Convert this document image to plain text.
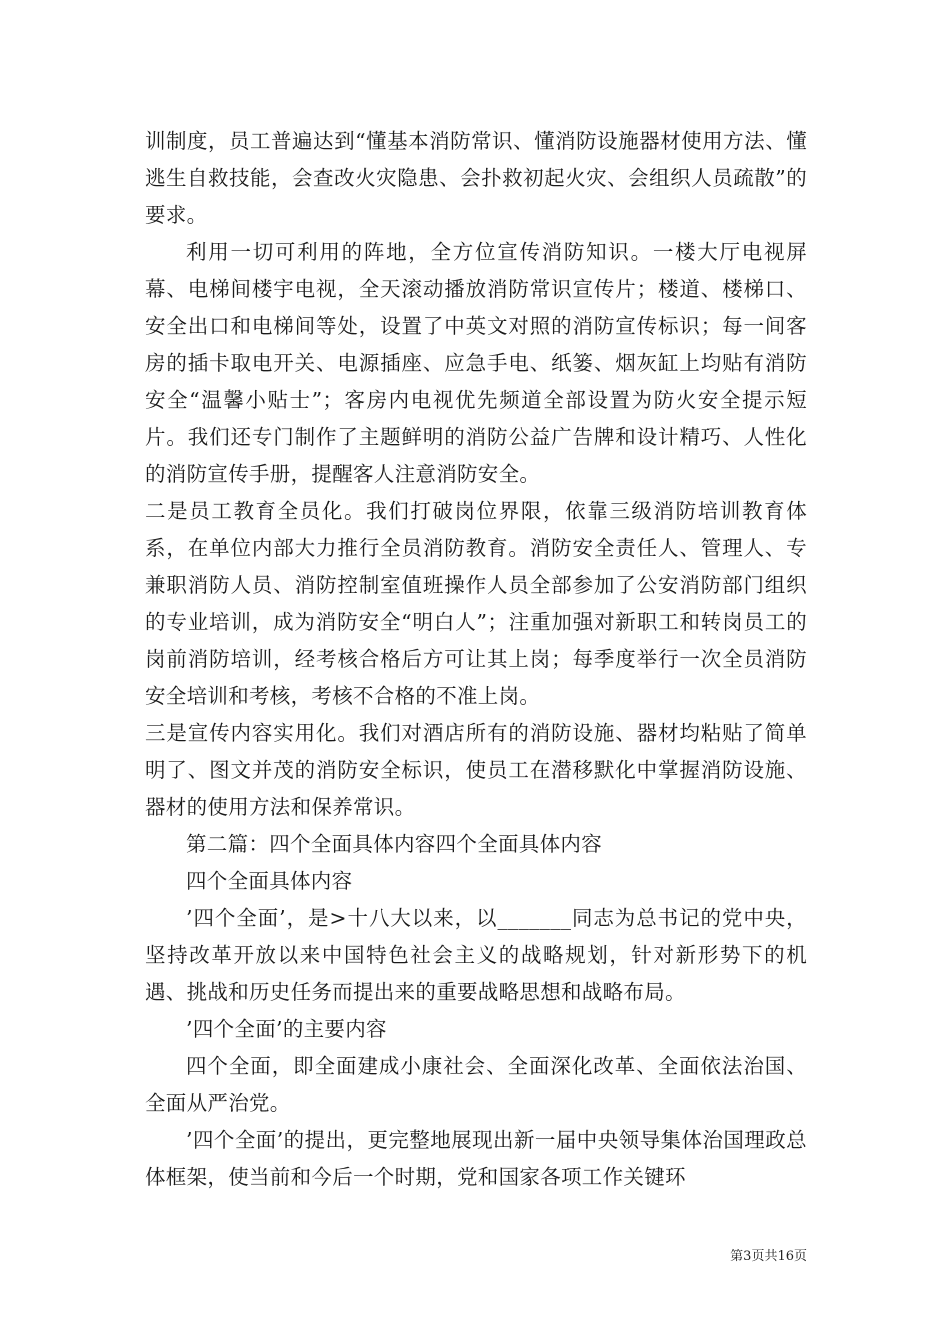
训制度，员工普遍达到“懂基本消防常识、懂消防设施器材使用方法、懂逃生自救技能，会查改火灾隐患、会扑救初起火灾、会组织人员疏散”的要求。

利用一切可利用的阵地，全方位宣传消防知识。一楼大厅电视屏幕、电梯间楼宇电视，全天滚动播放消防常识宣传片；楼道、楼梯口、安全出口和电梯间等处，设置了中英文对照的消防宣传标识；每一间客房的插卡取电开关、电源插座、应急手电、纸篓、烟灰缸上均贴有消防安全“温馨小贴士”；客房内电视优先频道全部设置为防火安全提示短片。我们还专门制作了主题鲜明的消防公益广告牌和设计精巧、人性化的消防宣传手册，提醒客人注意消防安全。

二是员工教育全员化。我们打破岗位界限，依靠三级消防培训教育体系，在单位内部大力推行全员消防教育。消防安全责任人、管理人、专兼职消防人员、消防控制室值班操作人员全部参加了公安消防部门组织的专业培训，成为消防安全“明白人”；注重加强对新职工和转岗员工的岗前消防培训，经考核合格后方可让其上岗；每季度举行一次全员消防安全培训和考核，考核不合格的不准上岗。

三是宣传内容实用化。我们对酒店所有的消防设施、器材均粘贴了简单明了、图文并茂的消防安全标识，使员工在潜移默化中掌握消防设施、器材的使用方法和保养常识。

第二篇：四个全面具体内容四个全面具体内容

四个全面具体内容

’四个全面’，是>十八大以来，以_______同志为总书记的党中央，坚持改革开放以来中国特色社会主义的战略规划，针对新形势下的机遇、挑战和历史任务而提出来的重要战略思想和战略布局。

’四个全面’的主要内容

四个全面，即全面建成小康社会、全面深化改革、全面依法治国、全面从严治党。

’四个全面’的提出，更完整地展现出新一届中央领导集体治国理政总体框架，使当前和今后一个时期，党和国家各项工作关键环

第3页共16页
